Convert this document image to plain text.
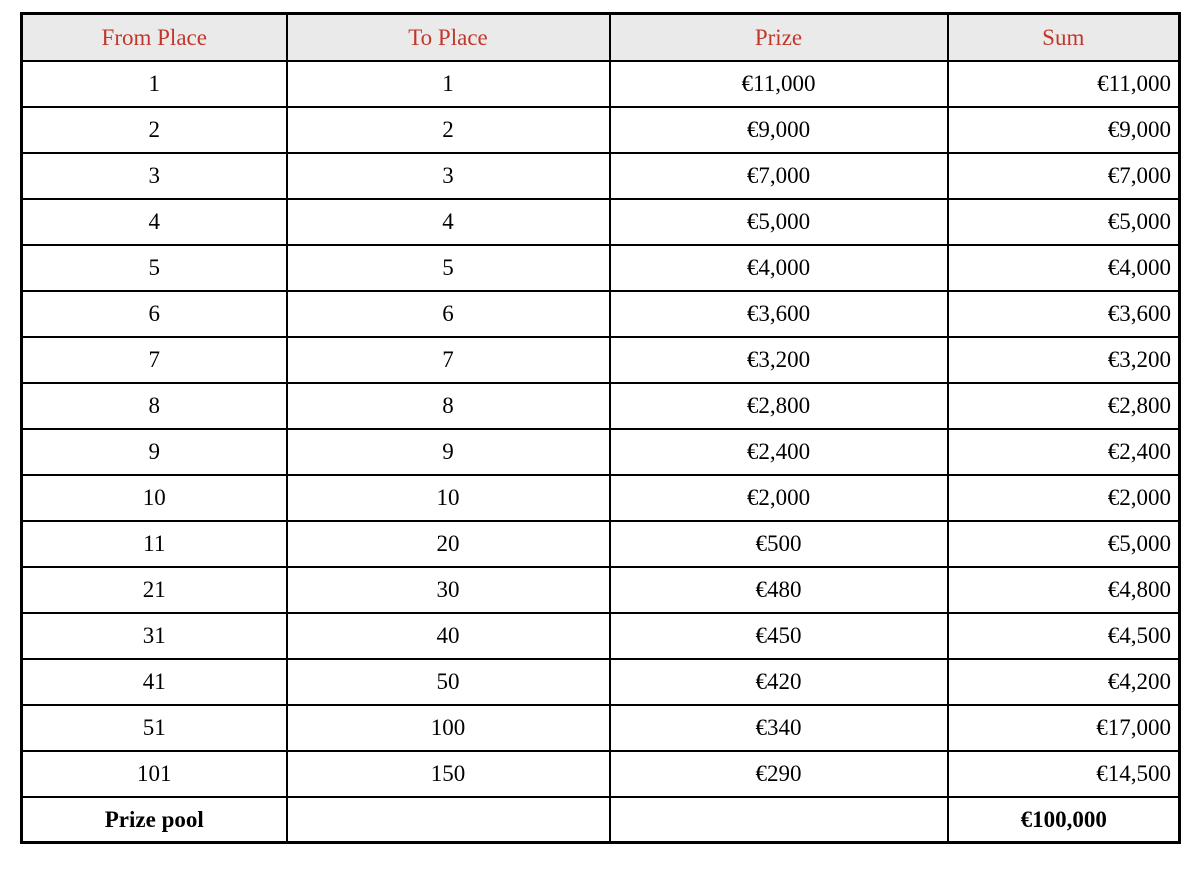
From Place	To Place	Prize	Sum
1	1	€11,000	€11,000
2	2	€9,000	€9,000
3	3	€7,000	€7,000
4	4	€5,000	€5,000
5	5	€4,000	€4,000
6	6	€3,600	€3,600
7	7	€3,200	€3,200
8	8	€2,800	€2,800
9	9	€2,400	€2,400
10	10	€2,000	€2,000
11	20	€500	€5,000
21	30	€480	€4,800
31	40	€450	€4,500
41	50	€420	€4,200
51	100	€340	€17,000
101	150	€290	€14,500
Prize pool			€100,000
